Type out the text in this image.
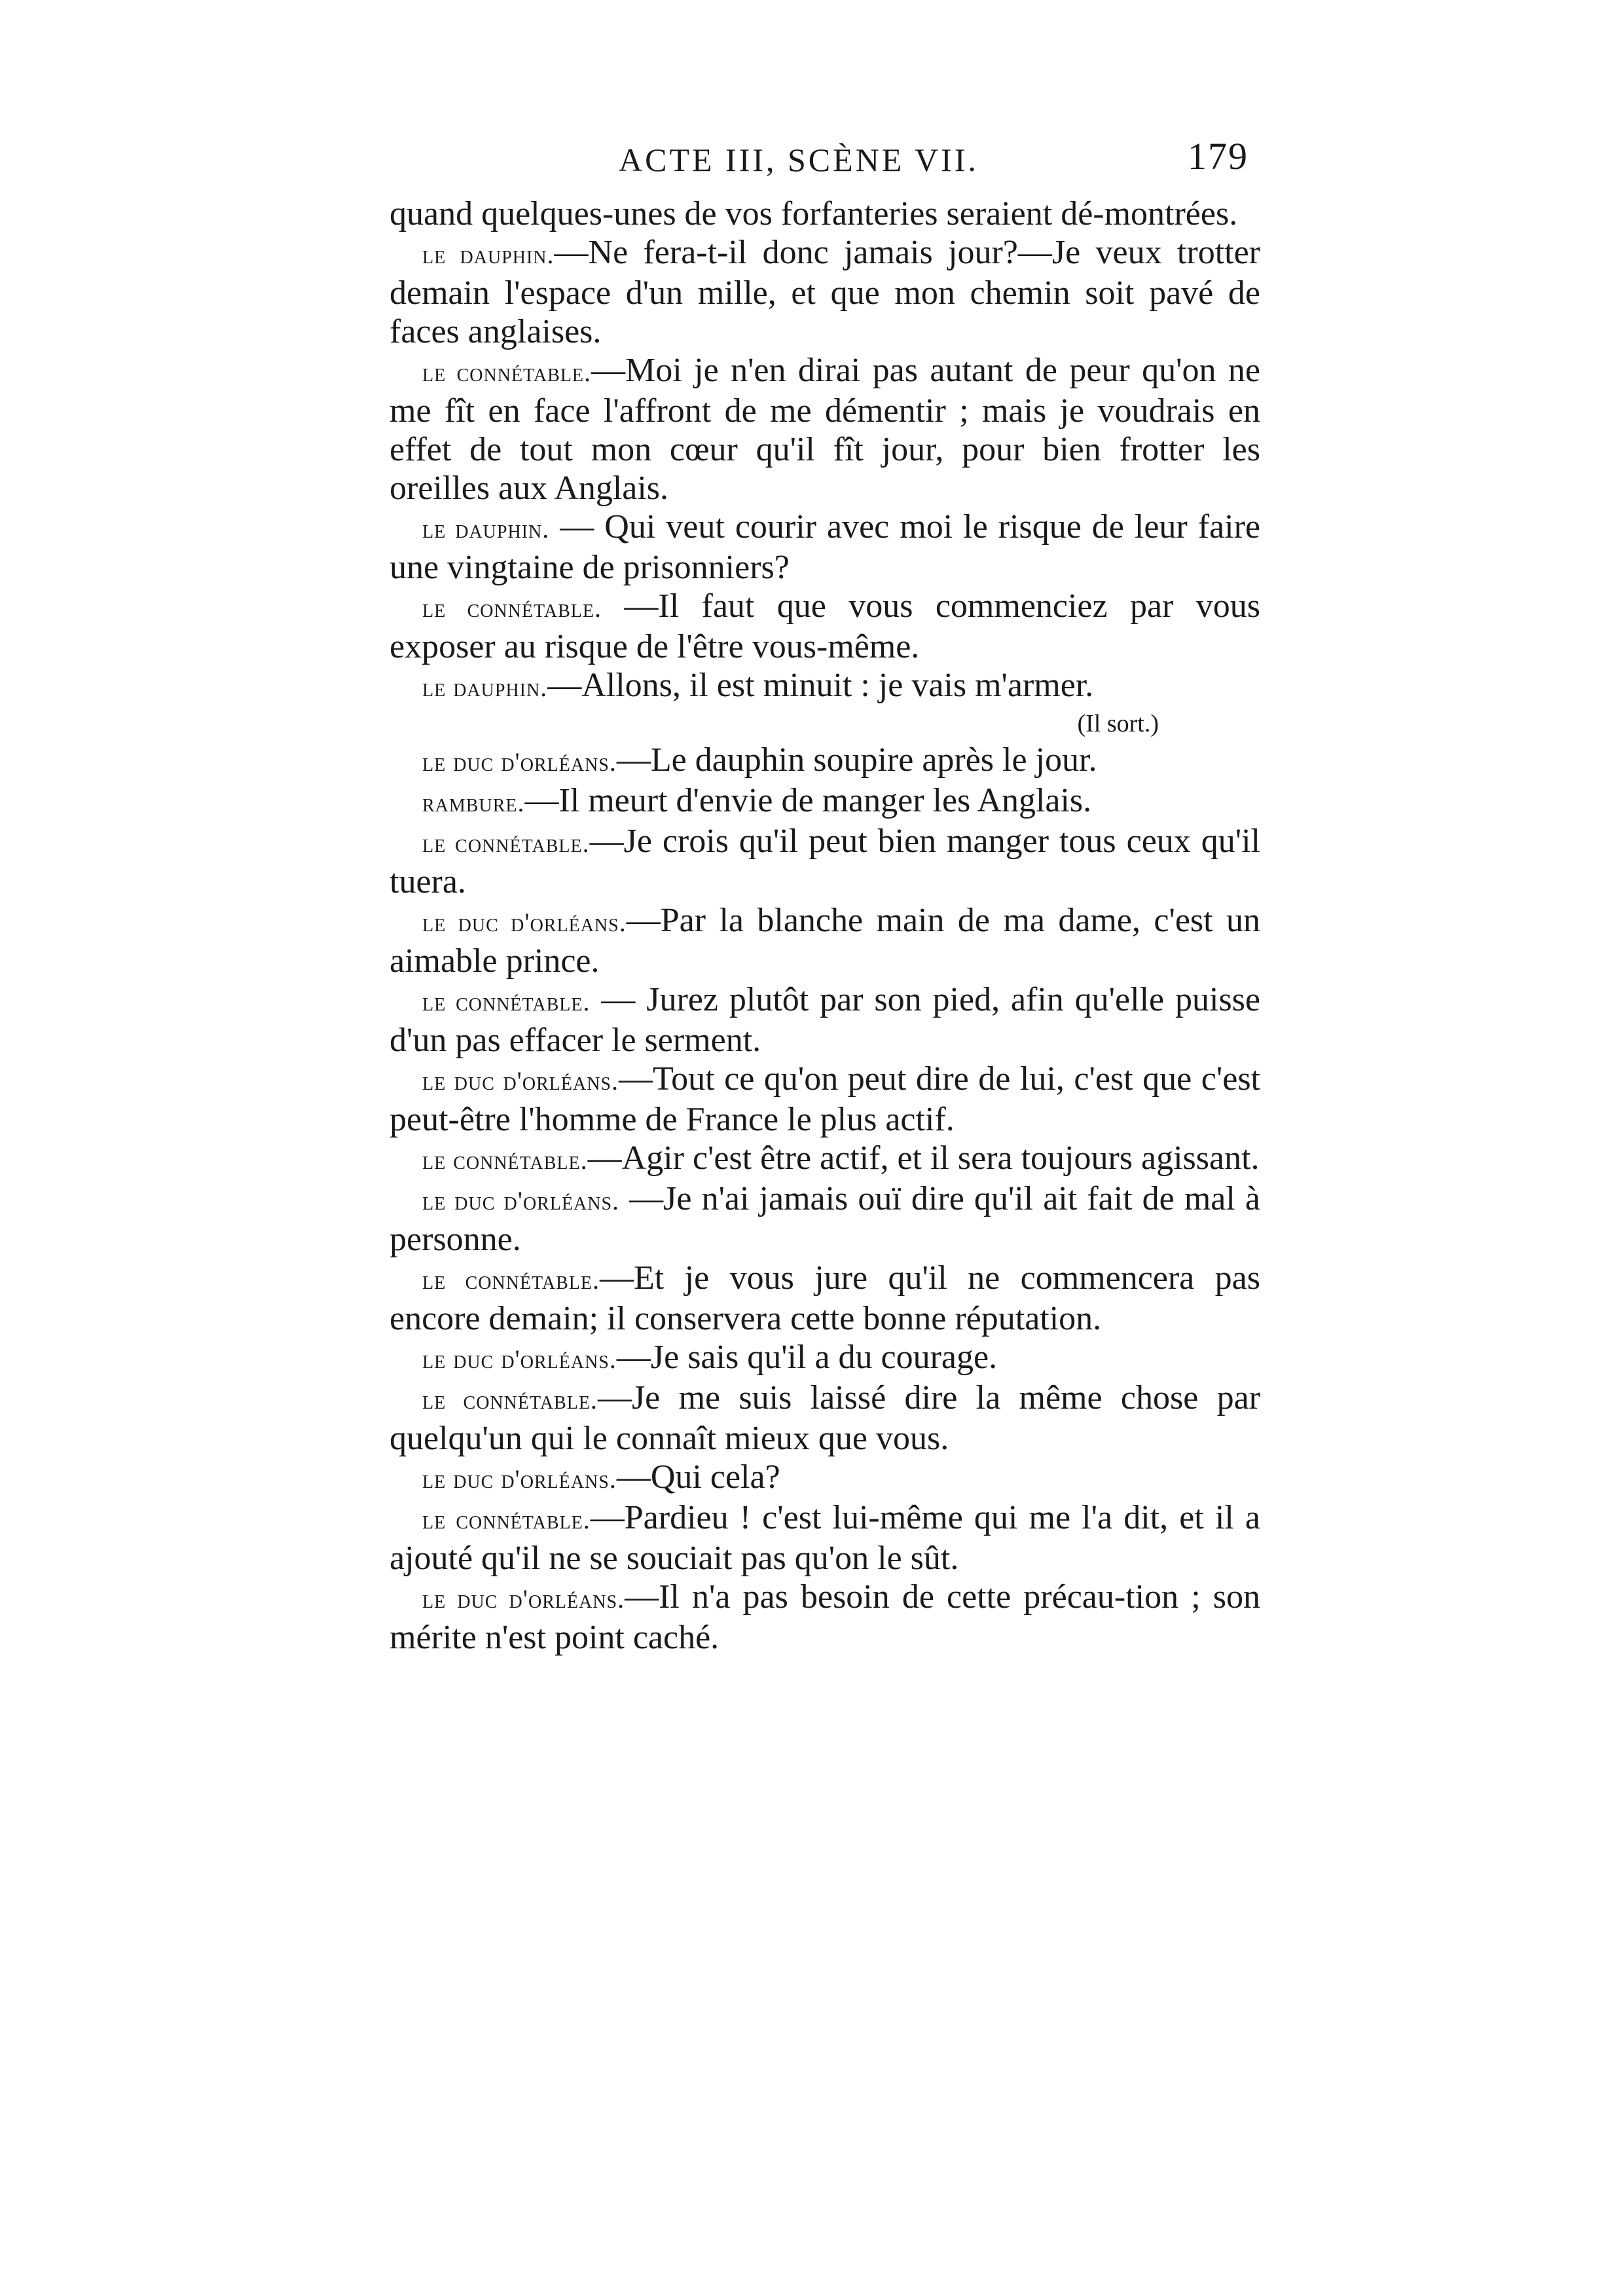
ACTE III, SCÈNE VII.	179

quand quelques-unes de vos forfanteries seraient dé-montrées.

le dauphin.—Ne fera-t-il donc jamais jour?—Je veux trotter demain l'espace d'un mille, et que mon chemin soit pavé de faces anglaises.

le connétable.—Moi je n'en dirai pas autant de peur qu'on ne me fît en face l'affront de me démentir ; mais je voudrais en effet de tout mon cœur qu'il fît jour, pour bien frotter les oreilles aux Anglais.

le dauphin. — Qui veut courir avec moi le risque de leur faire une vingtaine de prisonniers?

le connétable. —Il faut que vous commenciez par vous exposer au risque de l'être vous-même.

le dauphin.—Allons, il est minuit : je vais m'armer.

(Il sort.)

le duc d'orléans.—Le dauphin soupire après le jour.

rambure.—Il meurt d'envie de manger les Anglais.

le connétable.—Je crois qu'il peut bien manger tous ceux qu'il tuera.

le duc d'orléans.—Par la blanche main de ma dame, c'est un aimable prince.

le connétable. — Jurez plutôt par son pied, afin qu'elle puisse d'un pas effacer le serment.

le duc d'orléans.—Tout ce qu'on peut dire de lui, c'est que c'est peut-être l'homme de France le plus actif.

le connétable.—Agir c'est être actif, et il sera toujours agissant.

le duc d'orléans. —Je n'ai jamais ouï dire qu'il ait fait de mal à personne.

le connétable.—Et je vous jure qu'il ne commencera pas encore demain; il conservera cette bonne réputation.

le duc d'orléans.—Je sais qu'il a du courage.

le connétable.—Je me suis laissé dire la même chose par quelqu'un qui le connaît mieux que vous.

le duc d'orléans.—Qui cela?

le connétable.—Pardieu ! c'est lui-même qui me l'a dit, et il a ajouté qu'il ne se souciait pas qu'on le sût.

le duc d'orléans.—Il n'a pas besoin de cette précau-tion ; son mérite n'est point caché.
